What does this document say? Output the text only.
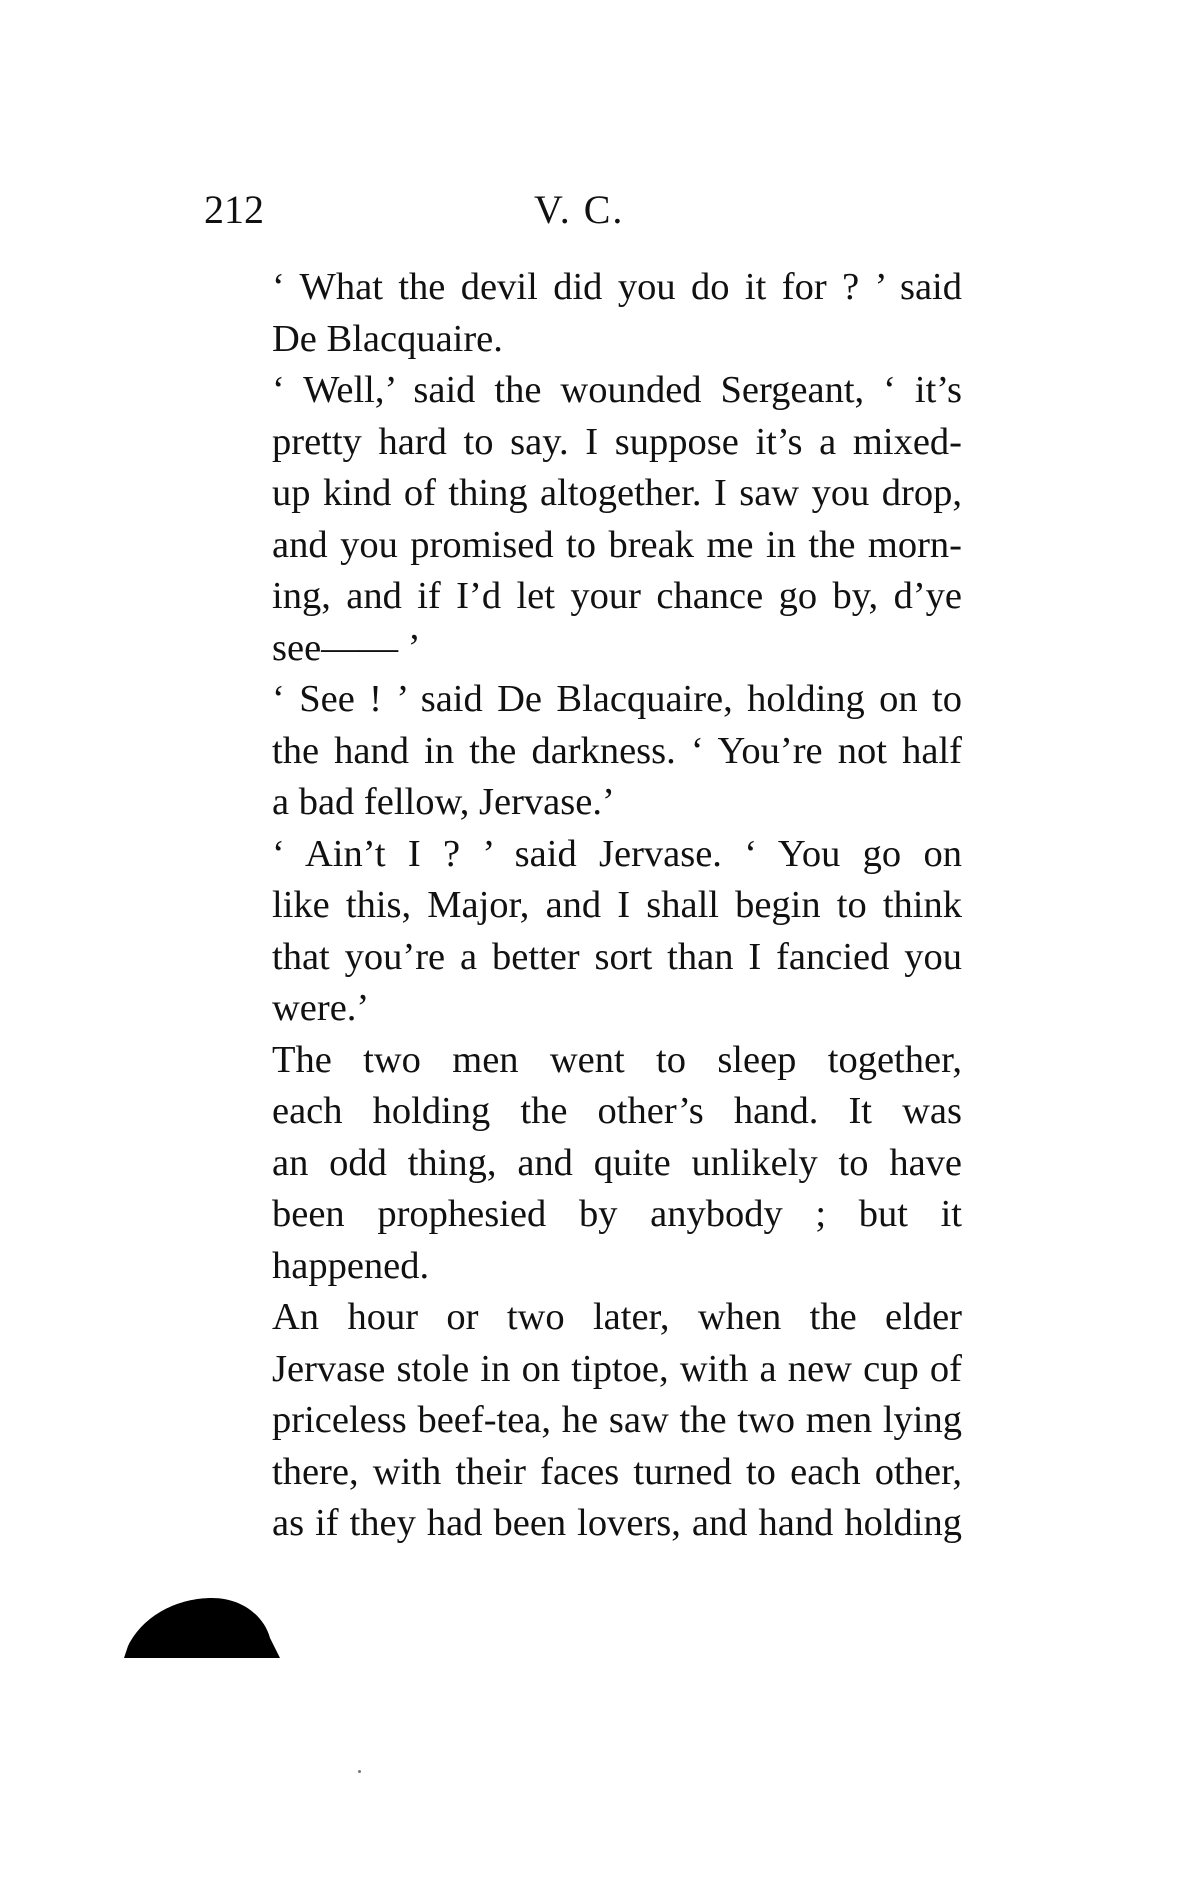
212	V. C.

‘ What the devil did you do it for ? ’ said
De Blacquaire.

‘ Well,’ said the wounded Sergeant, ‘ it’s
pretty hard to say. I suppose it’s a mixed-
up kind of thing altogether. I saw you drop,
and you promised to break me in the morn-
ing, and if I’d let your chance go by, d’ye
see—— ’

‘ See ! ’ said De Blacquaire, holding on to
the hand in the darkness. ‘ You’re not half
a bad fellow, Jervase.’

‘ Ain’t I ? ’ said Jervase. ‘ You go on
like this, Major, and I shall begin to think
that you’re a better sort than I fancied you
were.’

The two men went to sleep together,
each holding the other’s hand. It was
an odd thing, and quite unlikely to have
been prophesied by anybody ; but it
happened.

An hour or two later, when the elder
Jervase stole in on tiptoe, with a new cup of
priceless beef-tea, he saw the two men lying
there, with their faces turned to each other,
as if they had been lovers, and hand holding
